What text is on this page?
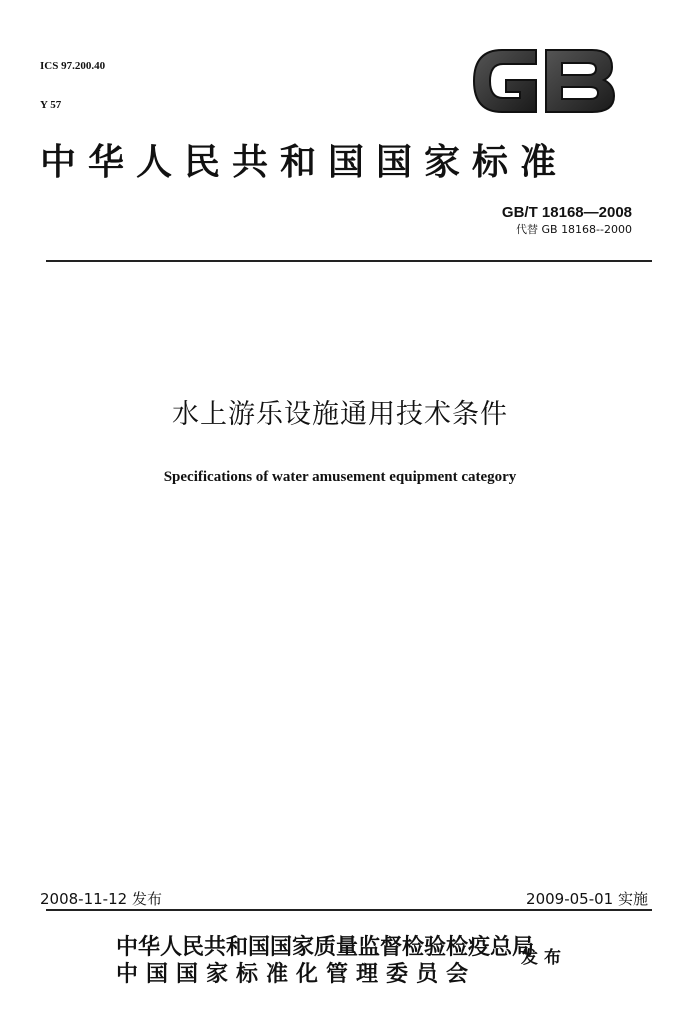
ICS 97.200.40

Y 57

中华人民共和国国家标准
GB/T 18168—2008
代替 GB 18168--2000
水上游乐设施通用技术条件
Specifications of water amusement equipment category
2008-11-12 发布	2009-05-01 实施
中华人民共和国国家质量监督检验检疫总局
中国国家标准化管理委员会
发布
